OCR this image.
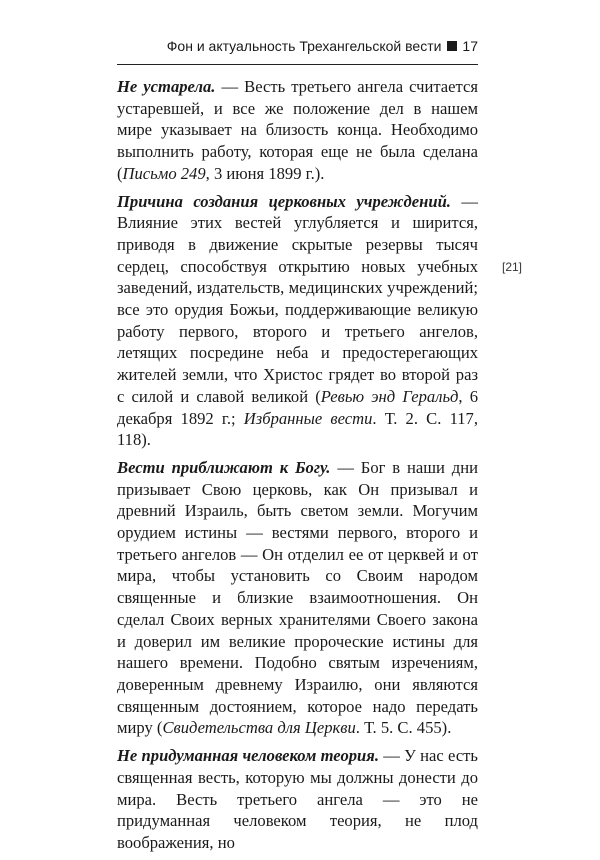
Фон и актуальность Трехангельской вести 17
[21]

Не устарела. — Весть третьего ангела считается устаревшей, и все же положение дел в нашем мире указывает на близость конца. Необходимо выполнить работу, которая еще не была сделана (Письмо 249, 3 июня 1899 г.).

Причина создания церковных учреждений. — Влияние этих вестей углубляется и ширится, приводя в движение скрытые резервы тысяч сердец, способствуя открытию новых учебных заведений, издательств, медицинских учреждений; все это орудия Божьи, поддерживающие великую работу первого, второго и третьего ангелов, летящих посредине неба и предостерегающих жителей земли, что Христос грядет во второй раз с силой и славой великой (Ревью энд Геральд, 6 декабря 1892 г.; Избранные вести. Т. 2. С. 117, 118).

Вести приближают к Богу. — Бог в наши дни призывает Свою церковь, как Он призывал и древний Израиль, быть светом земли. Могучим орудием истины — вестями первого, второго и третьего ангелов — Он отделил ее от церквей и от мира, чтобы установить со Своим народом священные и близкие взаимоотношения. Он сделал Своих верных хранителями Своего закона и доверил им великие пророческие истины для нашего времени. Подобно святым изречениям, доверенным древнему Израилю, они являются священным достоянием, которое надо передать миру (Свидетельства для Церкви. Т. 5. С. 455).

Не придуманная человеком теория. — У нас есть священная весть, которую мы должны донести до мира. Весть третьего ангела — это не придуманная человеком теория, не плод воображения, но
